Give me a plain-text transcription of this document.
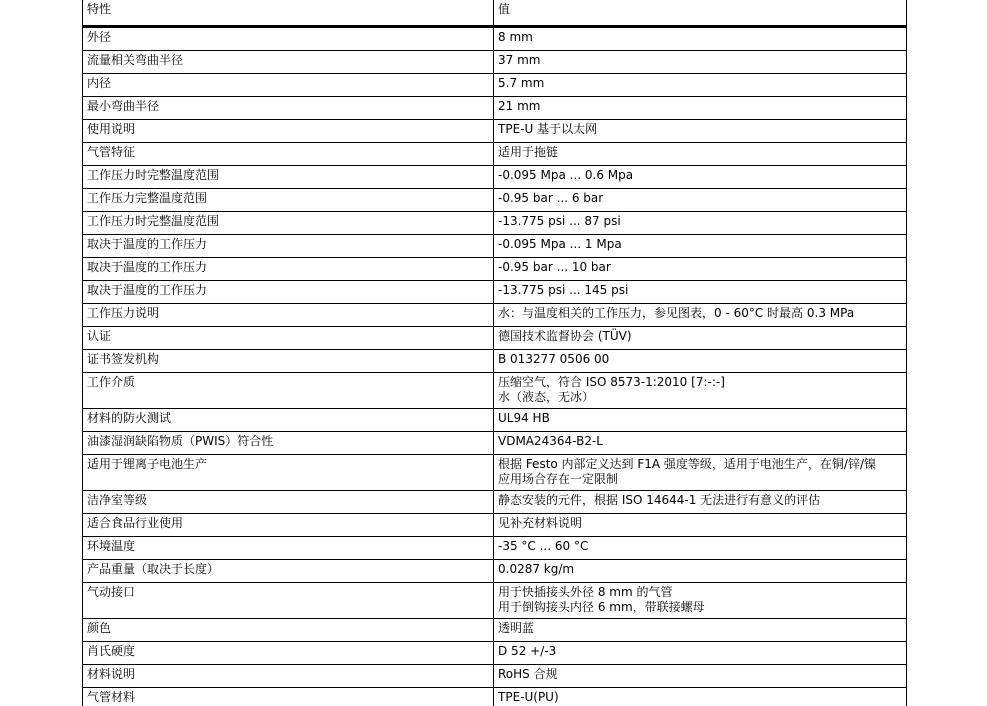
特性	值
外径	8 mm

流量相关弯曲半径	37 mm

内径	5.7 mm

最小弯曲半径	21 mm

使用说明	TPE-U 基于以太网

气管特征	适用于拖链

工作压力时完整温度范围	-0.095 Mpa ... 0.6 Mpa

工作压力完整温度范围	-0.95 bar ... 6 bar

工作压力时完整温度范围	-13.775 psi ... 87 psi

取决于温度的工作压力	-0.095 Mpa ... 1 Mpa

取决于温度的工作压力	-0.95 bar ... 10 bar

取决于温度的工作压力	-13.775 psi ... 145 psi

工作压力说明	水：与温度相关的工作压力，参见图表，0 - 60°C 时最高 0.3 MPa

认证	德国技术监督协会 (TÜV)

证书签发机构	B 013277 0506 00

工作介质	压缩空气，符合 ISO 8573-1:2010 [7:-:-]
水（液态，无冰）

材料的防火测试	UL94 HB

油漆湿润缺陷物质（PWIS）符合性	VDMA24364-B2-L

适用于锂离子电池生产	根据 Festo 内部定义达到 F1A 强度等级，适用于电池生产，在铜/锌/镍
应用场合存在一定限制

洁净室等级	静态安装的元件，根据 ISO 14644-1 无法进行有意义的评估

适合食品行业使用	见补充材料说明

环境温度	-35 °C ... 60 °C

产品重量（取决于长度）	0.0287 kg/m

气动接口	用于快插接头外径 8 mm 的气管
用于倒钩接头内径 6 mm，带联接螺母

颜色	透明蓝

肖氏硬度	D 52 +/-3

材料说明	RoHS 合规

气管材料	TPE-U(PU)
